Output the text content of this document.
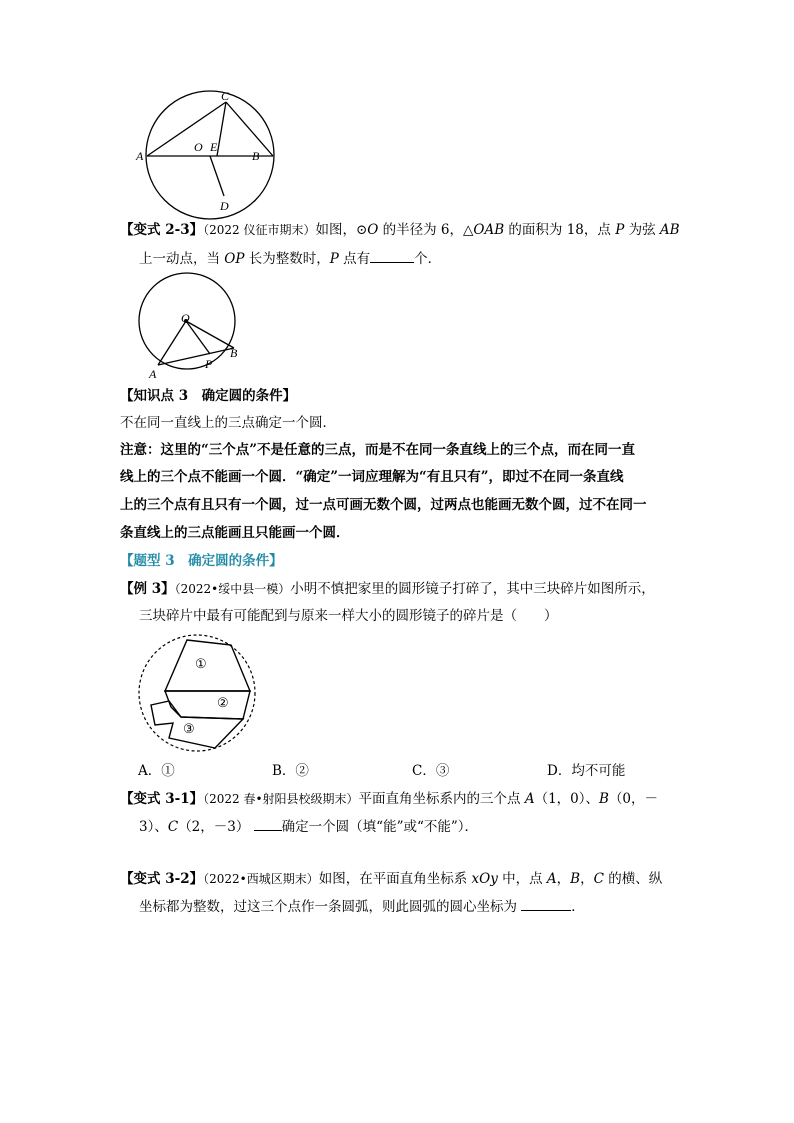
C
A
O E
B
D
【变式 2-3】（2022 仪征市期末）如图，⊙O 的半径为 6，△OAB 的面积为 18，点 P 为弦 AB
上一动点，当 OP 长为整数时，P 点有	个．
O
A
B
P
【知识点 3　确定圆的条件】
不在同一直线上的三点确定一个圆．
注意：这里的“三个点”不是任意的三点，而是不在同一条直线上的三个点，而在同一直
线上的三个点不能画一个圆．“确定”一词应理解为“有且只有”，即过不在同一条直线
上的三个点有且只有一个圆，过一点可画无数个圆，过两点也能画无数个圆，过不在同一
条直线上的三点能画且只能画一个圆．
【题型 3　确定圆的条件】
【例 3】（2022•绥中县一模）小明不慎把家里的圆形镜子打碎了，其中三块碎片如图所示，
三块碎片中最有可能配到与原来一样大小的圆形镜子的碎片是（　　）
①
②
③
A．①	B．②	C．③	D．均不可能
【变式 3-1】（2022 春•射阳县校级期末）平面直角坐标系内的三个点 A（1，0）、B（0，－
3）、C（2，－3） 确定一个圆（填“能”或“不能”）．
【变式 3-2】（2022•西城区期末）如图，在平面直角坐标系 xOy 中，点 A，B，C 的横、纵
坐标都为整数，过这三个点作一条圆弧，则此圆弧的圆心坐标为	．
